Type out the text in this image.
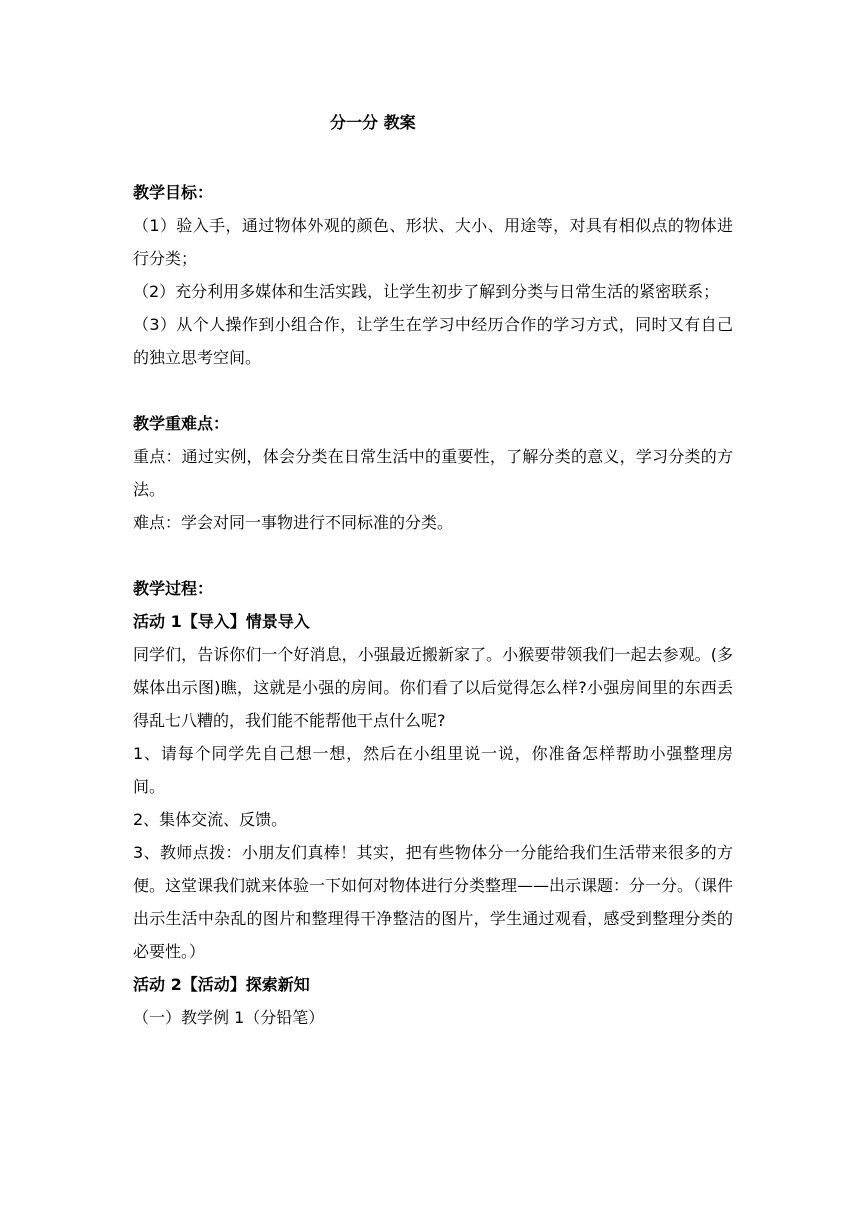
分一分 教案

教学目标：

（1）验入手，通过物体外观的颜色、形状、大小、用途等，对具有相似点的物体进行分类；

（2）充分利用多媒体和生活实践，让学生初步了解到分类与日常生活的紧密联系；

（3）从个人操作到小组合作，让学生在学习中经历合作的学习方式，同时又有自己的独立思考空间。

教学重难点：

重点：通过实例，体会分类在日常生活中的重要性，了解分类的意义，学习分类的方法。

难点：学会对同一事物进行不同标准的分类。

教学过程：

活动 1【导入】情景导入

同学们，告诉你们一个好消息，小强最近搬新家了。小猴要带领我们一起去参观。(多媒体出示图)瞧，这就是小强的房间。你们看了以后觉得怎么样?小强房间里的东西丢得乱七八糟的，我们能不能帮他干点什么呢?

1、请每个同学先自己想一想，然后在小组里说一说，你准备怎样帮助小强整理房间。

2、集体交流、反馈。

3、教师点拨：小朋友们真棒！其实，把有些物体分一分能给我们生活带来很多的方便。这堂课我们就来体验一下如何对物体进行分类整理——出示课题：分一分。（课件出示生活中杂乱的图片和整理得干净整洁的图片，学生通过观看，感受到整理分类的必要性。）

活动 2【活动】探索新知

（一）教学例 1（分铅笔）
